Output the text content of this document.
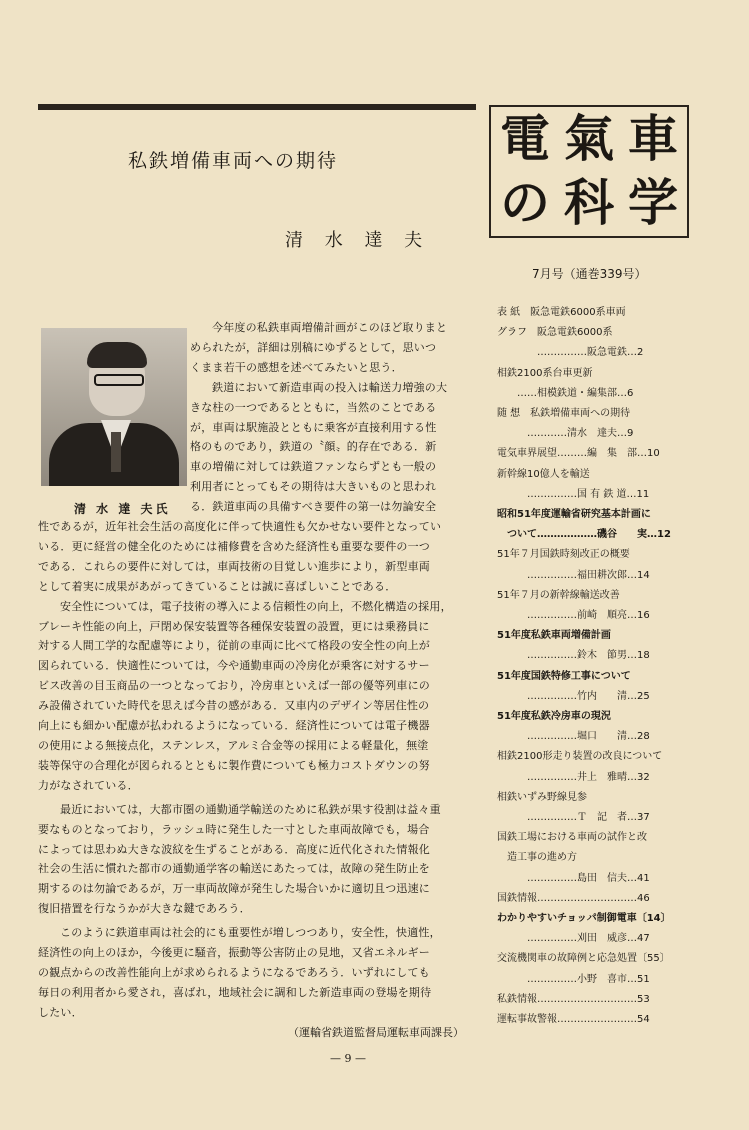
私鉄増備車両への期待
清 水 達 夫
電 氣 車
の 科 学
7月号（通巻339号）
清 水 達 夫氏
今年度の私鉄車両増備計画がこのほど取りまと
められたが，詳細は別稿にゆずるとして，思いつ
くまま若干の感想を述べてみたいと思う．
鉄道において新造車両の投入は輸送力増強の大
きな柱の一つであるとともに，当然のことである
が，車両は駅施設とともに乗客が直接利用する性
格のものであり，鉄道の〝顔〟的存在である．新
車の増備に対しては鉄道ファンならずとも一般の
利用者にとってもその期待は大きいものと思われ
る．鉄道車両の具備すべき要件の第一は勿論安全
性であるが，近年社会生活の高度化に伴って快適性も欠かせない要件となってい
いる．更に経営の健全化のためには補修費を含めた経済性も重要な要件の一つ
である．これらの要件に対しては，車両技術の目覚しい進歩により，新型車両
として着実に成果があがってきていることは誠に喜ばしいことである．
安全性については，電子技術の導入による信頼性の向上，不燃化構造の採用，
ブレーキ性能の向上，戸閉め保安装置等各種保安装置の設置，更には乗務員に
対する人間工学的な配慮等により，従前の車両に比べて格段の安全性の向上が
図られている．快適性については，今や通勤車両の冷房化が乗客に対するサー
ビス改善の目玉商品の一つとなっており，冷房車といえば一部の優等列車にの
み設備されていた時代を思えば今昔の感がある．又車内のデザイン等居住性の
向上にも細かい配慮が払われるようになっている．経済性については電子機器
の使用による無接点化，ステンレス，アルミ合金等の採用による軽量化，無塗
装等保守の合理化が図られるとともに製作費についても極力コストダウンの努
力がなされている．
最近においては，大都市圏の通勤通学輸送のために私鉄が果す役割は益々重
要なものとなっており，ラッシュ時に発生した一寸とした車両故障でも，場合
によっては思わぬ大きな波紋を生ずることがある．高度に近代化された情報化
社会の生活に慣れた都市の通勤通学客の輸送にあたっては，故障の発生防止を
期するのは勿論であるが，万一車両故障が発生した場合いかに適切且つ迅速に
復旧措置を行なうかが大きな鍵であろう．
このように鉄道車両は社会的にも重要性が増しつつあり，安全性，快適性，
経済性の向上のほか，今後更に騒音，振動等公害防止の見地，又省エネルギー
の観点からの改善性能向上が求められるようになるであろう．いずれにしても
毎日の利用者から愛され，喜ばれ，地域社会に調和した新造車両の登場を期待
したい．
（運輸省鉄道監督局運転車両課長）
— 9 —
表 紙　阪急電鉄6000系車両
グラフ　阪急電鉄6000系
　　　　……………阪急電鉄…2
相鉄2100系台車更新
　　……相模鉄道・編集部…6
随 想　私鉄増備車両への期待
　　　…………清水　達夫…9
電気車界展望………編　集　部…10
新幹線10億人を輸送
　　　……………国 有 鉄 道…11
昭和51年度運輸省研究基本計画に
　ついて………………磯谷　　実…12
51年７月国鉄時刻改正の概要
　　　……………福田耕次郎…14
51年７月の新幹線輸送改善
　　　……………前崎　順亮…16
51年度私鉄車両増備計画
　　　……………鈴木　節男…18
51年度国鉄特修工事について
　　　……………竹内　　清…25
51年度私鉄冷房車の現況
　　　……………堀口　　清…28
相鉄2100形走り装置の改良について
　　　……………井上　雅晴…32
相鉄いずみ野線見参
　　　……………Ｔ　記　者…37
国鉄工場における車両の試作と改
　造工事の進め方
　　　……………島田　信夫…41
国鉄情報…………………………46
わかりやすいチョッパ制御電車〔14〕
　　　……………刈田　威彦…47
交流機関車の故障例と応急処置〔55〕
　　　……………小野　喜市…51
私鉄情報…………………………53
運転事故警報……………………54
